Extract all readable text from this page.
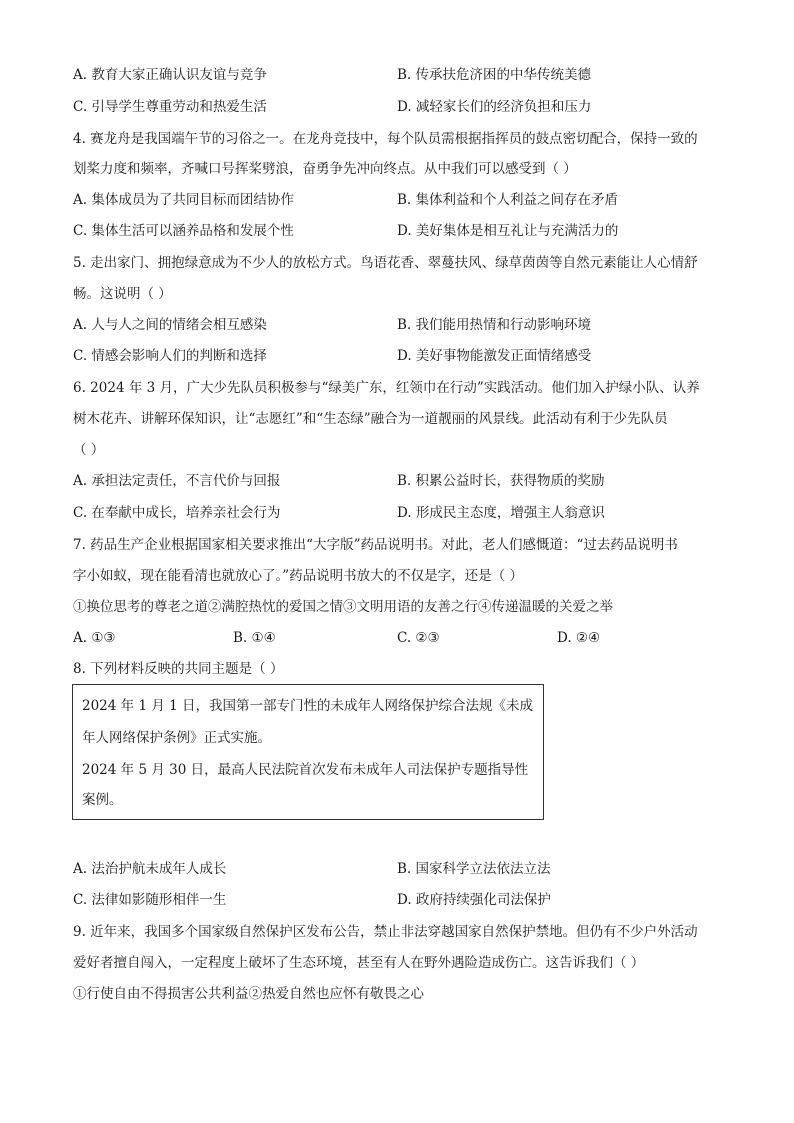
A. 教育大家正确认识友谊与竞争	B. 传承扶危济困的中华传统美德
C. 引导学生尊重劳动和热爱生活	D. 减轻家长们的经济负担和压力
4. 赛龙舟是我国端午节的习俗之一。在龙舟竞技中，每个队员需根据指挥员的鼓点密切配合，保持一致的
划桨力度和频率，齐喊口号挥桨劈浪，奋勇争先冲向终点。从中我们可以感受到（ ）
A. 集体成员为了共同目标而团结协作	B. 集体利益和个人利益之间存在矛盾
C. 集体生活可以涵养品格和发展个性	D. 美好集体是相互礼让与充满活力的
5. 走出家门、拥抱绿意成为不少人的放松方式。鸟语花香、翠蔓扶风、绿草茵茵等自然元素能让人心情舒
畅。这说明（ ）
A. 人与人之间的情绪会相互感染	B. 我们能用热情和行动影响环境
C. 情感会影响人们的判断和选择	D. 美好事物能激发正面情绪感受
6. 2024 年 3 月，广大少先队员积极参与“绿美广东，红领巾在行动”实践活动。他们加入护绿小队、认养
树木花卉、讲解环保知识，让“志愿红”和“生态绿”融合为一道靓丽的风景线。此活动有利于少先队员
（ ）
A. 承担法定责任，不言代价与回报	B. 积累公益时长，获得物质的奖励
C. 在奉献中成长，培养亲社会行为	D. 形成民主态度，增强主人翁意识
7. 药品生产企业根据国家相关要求推出“大字版”药品说明书。对此，老人们感慨道：“过去药品说明书
字小如蚁，现在能看清也就放心了。”药品说明书放大的不仅是字，还是（ ）
①换位思考的尊老之道②满腔热忱的爱国之情③文明用语的友善之行④传递温暖的关爱之举
A. ①③	B. ①④	C. ②③	D. ②④
8. 下列材料反映的共同主题是（ ）
2024 年 1 月 1 日，我国第一部专门性的未成年人网络保护综合法规《未成
年人网络保护条例》正式实施。
2024 年 5 月 30 日，最高人民法院首次发布未成年人司法保护专题指导性
案例。
A. 法治护航未成年人成长	B. 国家科学立法依法立法
C. 法律如影随形相伴一生	D. 政府持续强化司法保护
9. 近年来，我国多个国家级自然保护区发布公告，禁止非法穿越国家自然保护禁地。但仍有不少户外活动
爱好者擅自闯入，一定程度上破坏了生态环境，甚至有人在野外遇险造成伤亡。这告诉我们（ ）
①行使自由不得损害公共利益②热爱自然也应怀有敬畏之心
